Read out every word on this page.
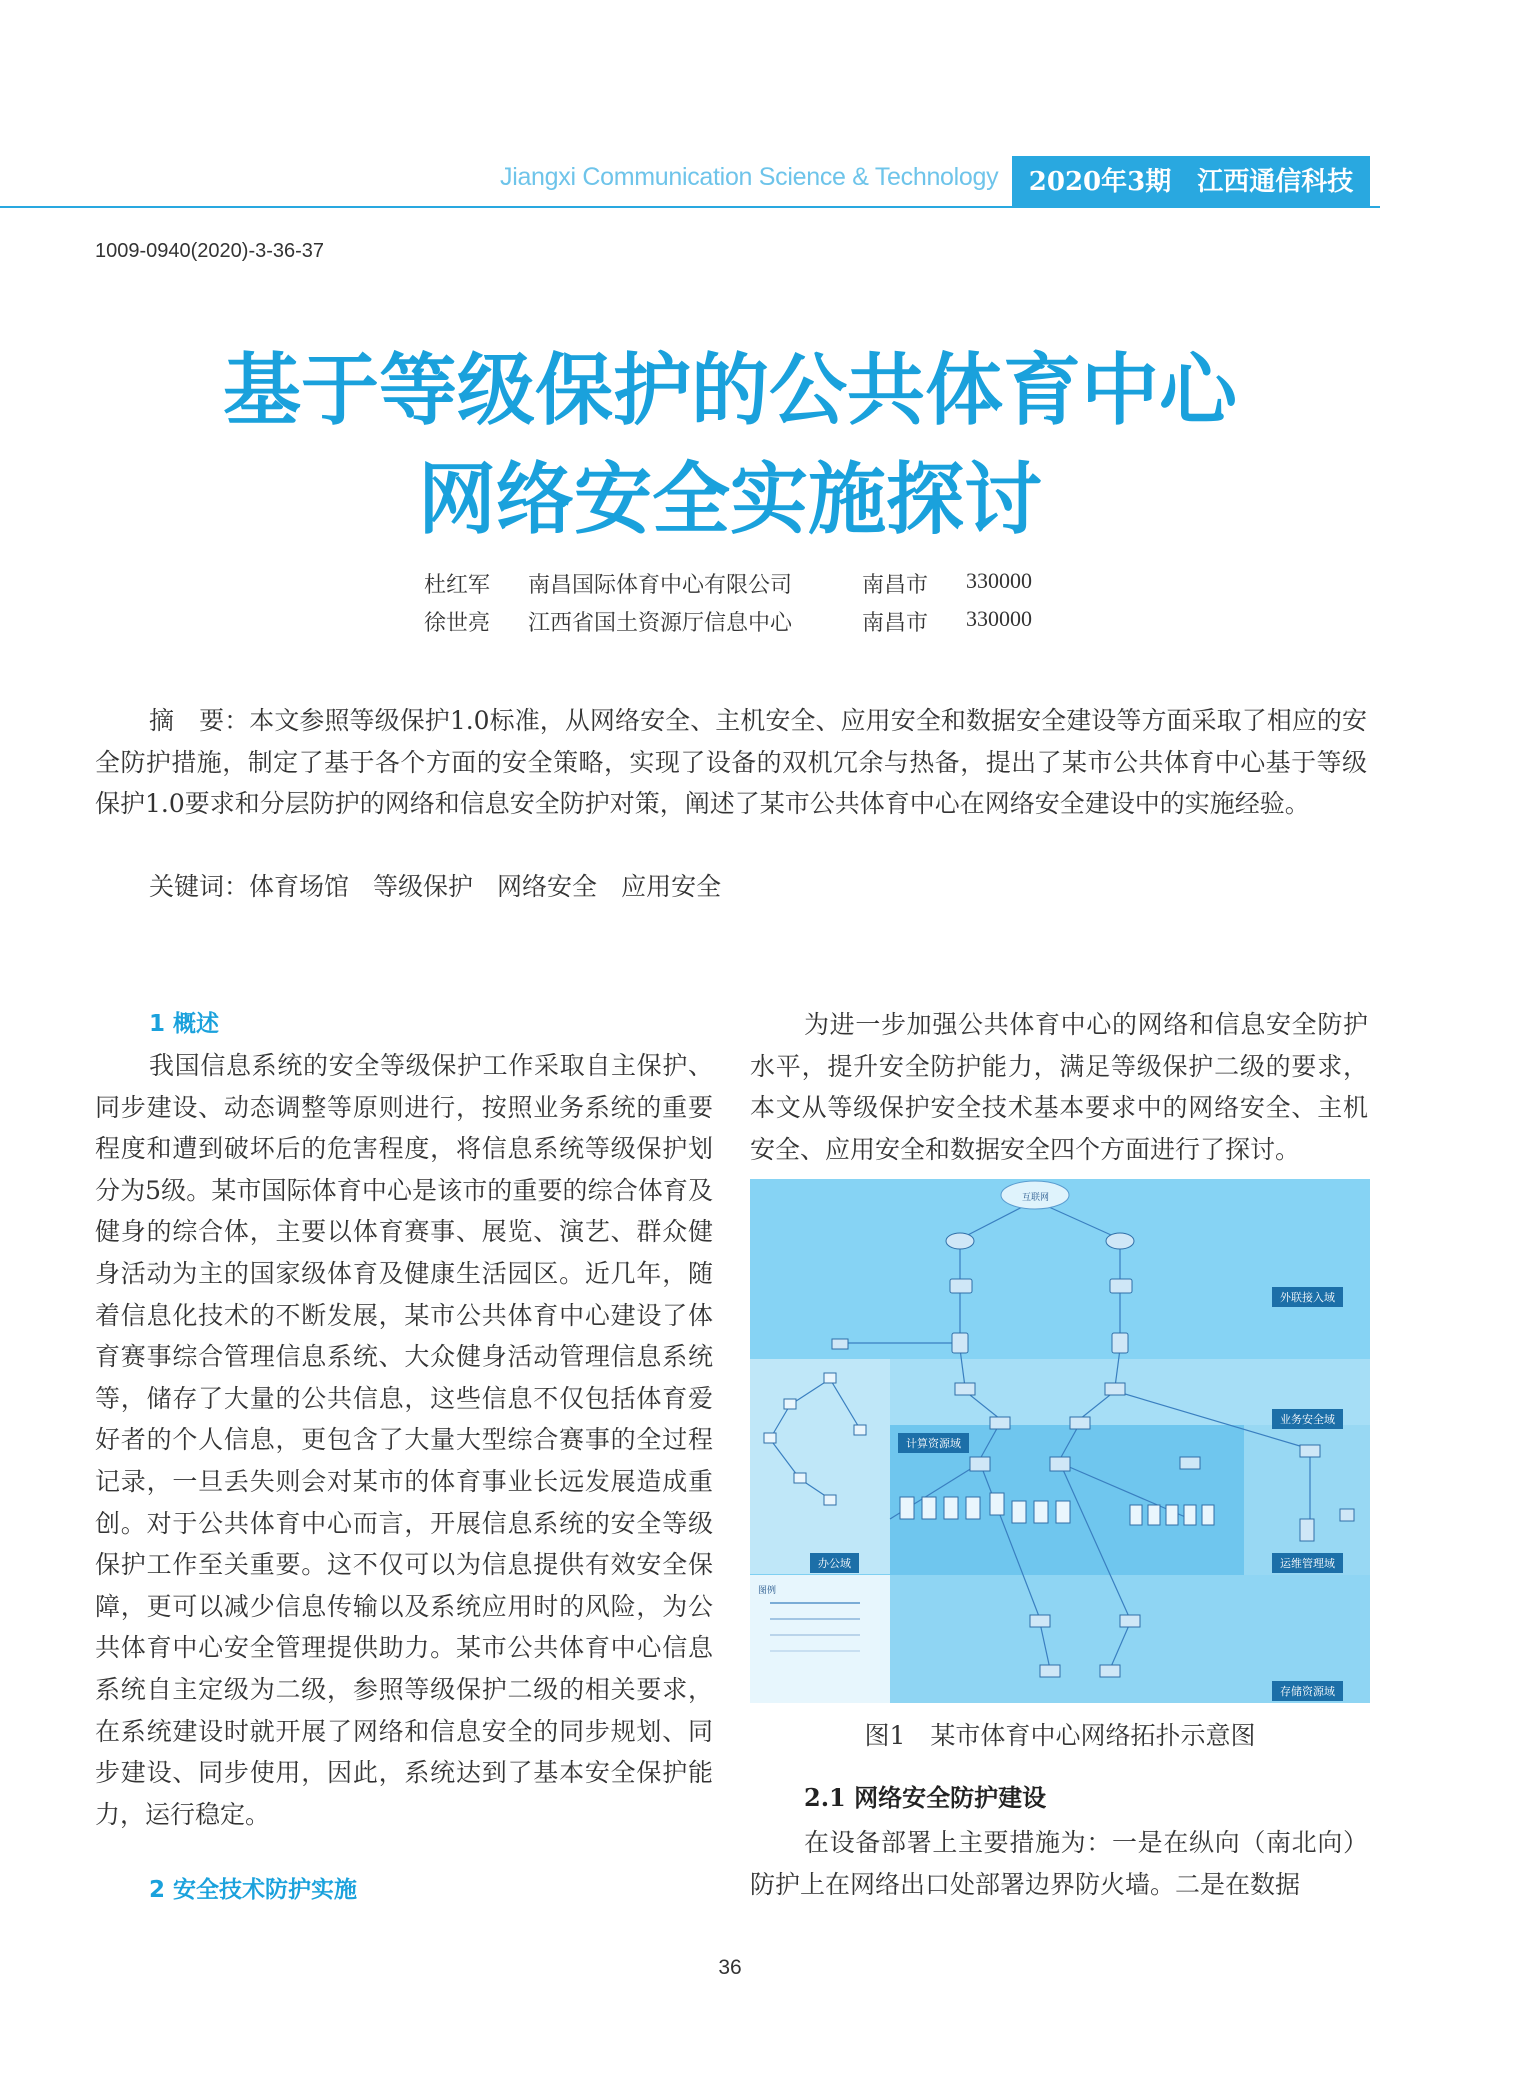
Jiangxi Communication Science & Technology	2020年3期　江西通信科技
1009-0940(2020)-3-36-37
基于等级保护的公共体育中心
网络安全实施探讨
杜红军 南昌国际体育中心有限公司	南昌市 330000
徐世亮 江西省国土资源厅信息中心	南昌市 330000

摘　要：本文参照等级保护1.0标准，从网络安全、主机安全、应用安全和数据安全建设等方面采取了相应的安全防护措施，制定了基于各个方面的安全策略，实现了设备的双机冗余与热备，提出了某市公共体育中心基于等级保护1.0要求和分层防护的网络和信息安全防护对策，阐述了某市公共体育中心在网络安全建设中的实施经验。

关键词：体育场馆 等级保护 网络安全 应用安全
1 概述

我国信息系统的安全等级保护工作采取自主保护、同步建设、动态调整等原则进行，按照业务系统的重要程度和遭到破坏后的危害程度，将信息系统等级保护划分为5级。某市国际体育中心是该市的重要的综合体育及健身的综合体，主要以体育赛事、展览、演艺、群众健身活动为主的国家级体育及健康生活园区。近几年，随着信息化技术的不断发展，某市公共体育中心建设了体育赛事综合管理信息系统、大众健身活动管理信息系统等，储存了大量的公共信息，这些信息不仅包括体育爱好者的个人信息，更包含了大量大型综合赛事的全过程记录，一旦丢失则会对某市的体育事业长远发展造成重创。对于公共体育中心而言，开展信息系统的安全等级保护工作至关重要。这不仅可以为信息提供有效安全保障，更可以减少信息传输以及系统应用时的风险，为公共体育中心安全管理提供助力。某市公共体育中心信息系统自主定级为二级，参照等级保护二级的相关要求，在系统建设时就开展了网络和信息安全的同步规划、同步建设、同步使用，因此，系统达到了基本安全保护能力，运行稳定。

2 安全技术防护实施

为进一步加强公共体育中心的网络和信息安全防护水平，提升安全防护能力，满足等级保护二级的要求，本文从等级保护安全技术基本要求中的网络安全、主机安全、应用安全和数据安全四个方面进行了探讨。

外联接入域
业务安全域
计算资源域
办公域	运维管理域
存储资源域
图例
互联网
图1　某市体育中心网络拓扑示意图
2.1 网络安全防护建设

在设备部署上主要措施为：一是在纵向（南北向）防护上在网络出口处部署边界防火墙。二是在数据

36
